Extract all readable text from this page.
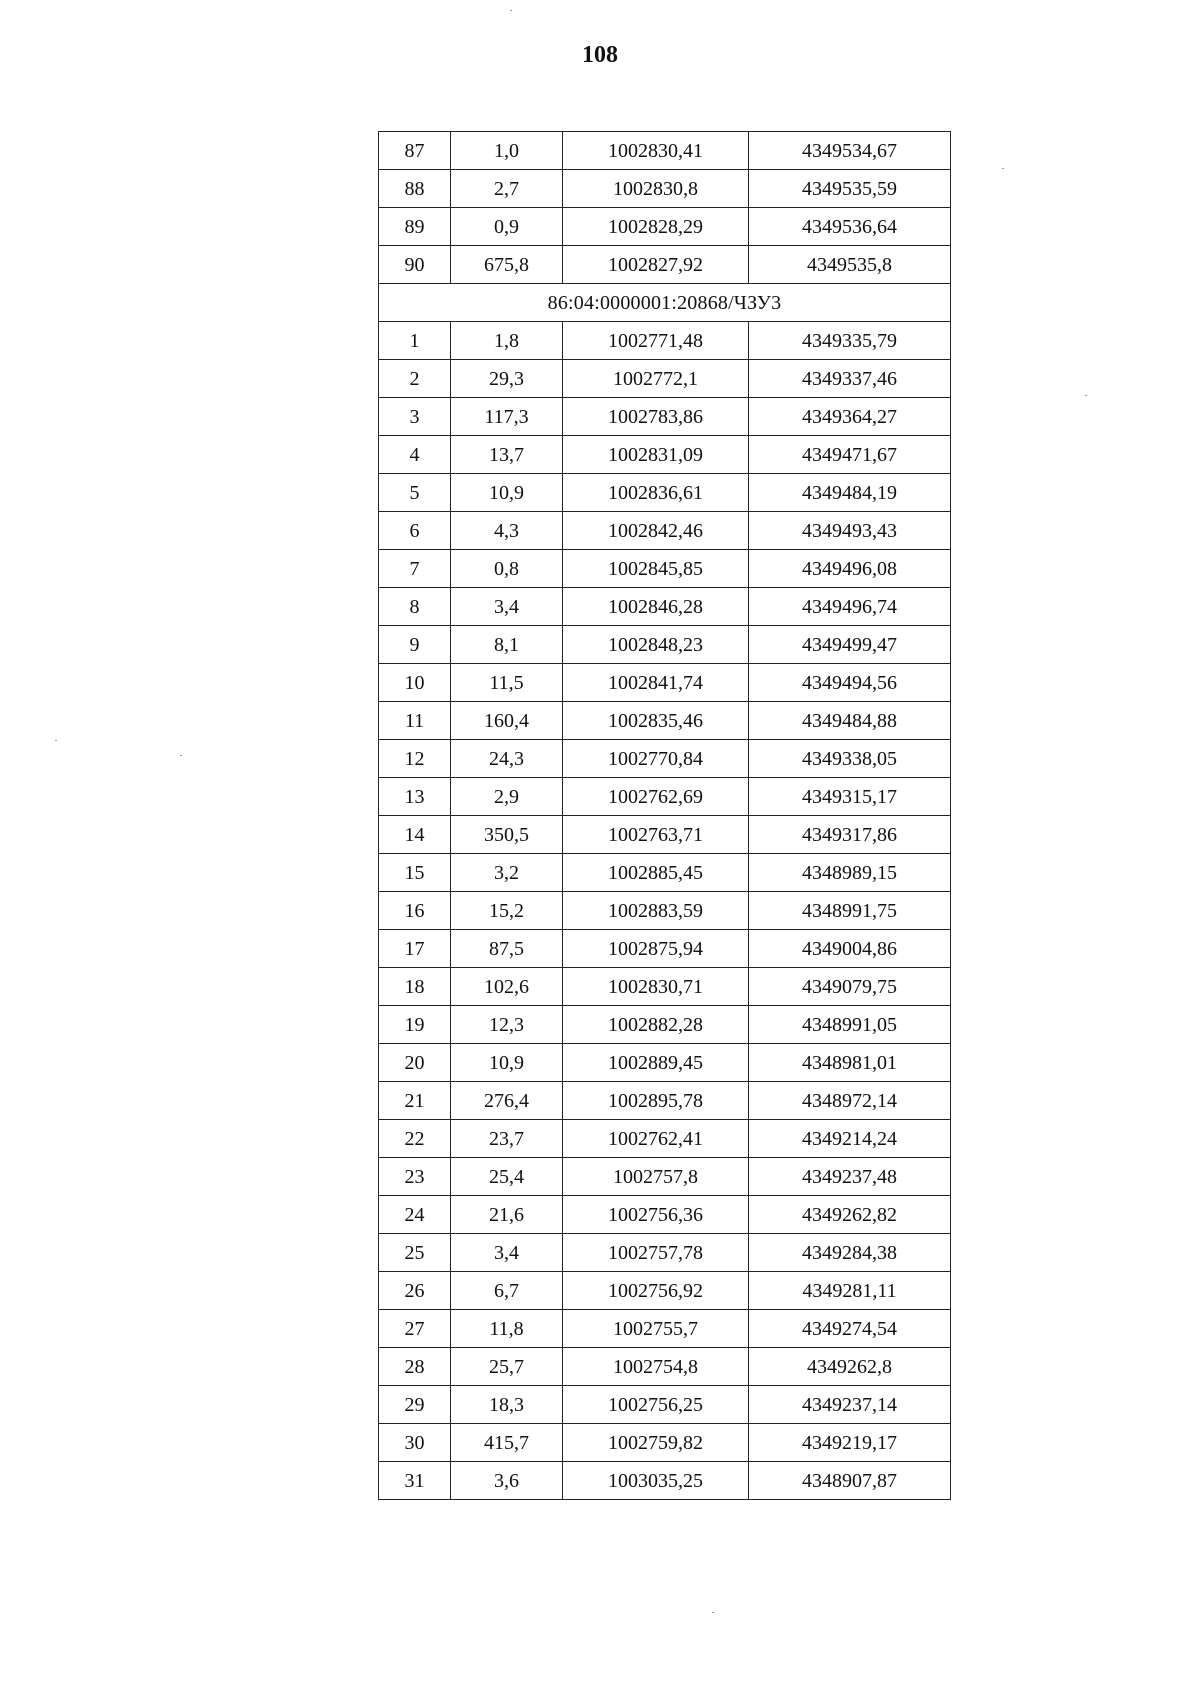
108
87	1,0	1002830,41	4349534,67
88	2,7	1002830,8	4349535,59
89	0,9	1002828,29	4349536,64
90	675,8	1002827,92	4349535,8
86:04:0000001:20868/ЧЗУ3			
1	1,8	1002771,48	4349335,79
2	29,3	1002772,1	4349337,46
3	117,3	1002783,86	4349364,27
4	13,7	1002831,09	4349471,67
5	10,9	1002836,61	4349484,19
6	4,3	1002842,46	4349493,43
7	0,8	1002845,85	4349496,08
8	3,4	1002846,28	4349496,74
9	8,1	1002848,23	4349499,47
10	11,5	1002841,74	4349494,56
11	160,4	1002835,46	4349484,88
12	24,3	1002770,84	4349338,05
13	2,9	1002762,69	4349315,17
14	350,5	1002763,71	4349317,86
15	3,2	1002885,45	4348989,15
16	15,2	1002883,59	4348991,75
17	87,5	1002875,94	4349004,86
18	102,6	1002830,71	4349079,75
19	12,3	1002882,28	4348991,05
20	10,9	1002889,45	4348981,01
21	276,4	1002895,78	4348972,14
22	23,7	1002762,41	4349214,24
23	25,4	1002757,8	4349237,48
24	21,6	1002756,36	4349262,82
25	3,4	1002757,78	4349284,38
26	6,7	1002756,92	4349281,11
27	11,8	1002755,7	4349274,54
28	25,7	1002754,8	4349262,8
29	18,3	1002756,25	4349237,14
30	415,7	1002759,82	4349219,17
31	3,6	1003035,25	4348907,87
